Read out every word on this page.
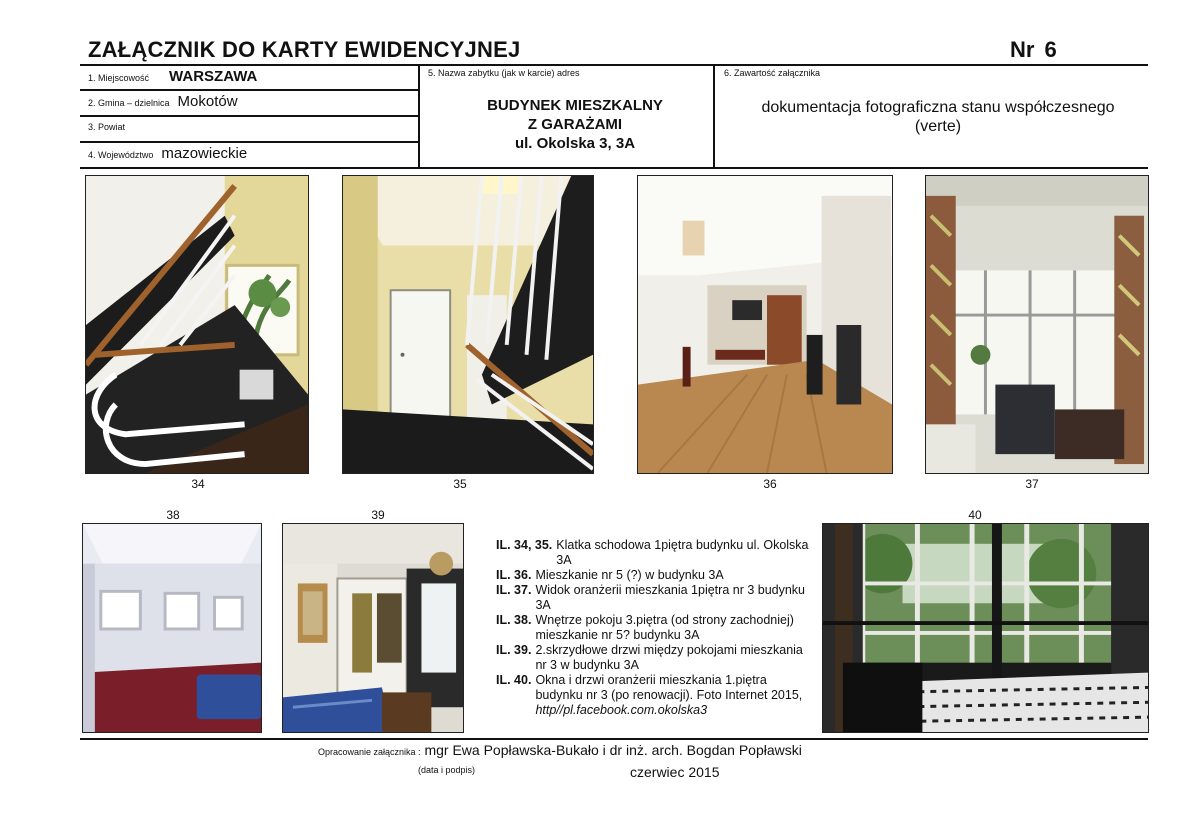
ZAŁĄCZNIK DO KARTY EWIDENCYJNEJ	Nr 6
1. Miejscowość WARSZAWA
2. Gmina – dzielnica Mokotów
3. Powiat
4. Województwo mazowieckie
5. Nazwa zabytku (jak w karcie) adres
BUDYNEK MIESZKALNY
Z GARAŻAMI
ul. Okolska 3, 3A
6. Zawartość załącznika
dokumentacja fotograficzna stanu współczesnego
(verte)
34	35	36	37
38	39
IL. 34, 35. Klatka schodowa 1piętra budynku ul. Okolska 3A
IL. 36. Mieszkanie nr 5 (?) w budynku 3A
IL. 37. Widok oranżerii mieszkania 1piętra nr 3 budynku 3A
IL. 38. Wnętrze pokoju 3.piętra (od strony zachodniej) mieszkanie nr 5? budynku 3A
IL. 39. 2.skrzydłowe drzwi między pokojami mieszkania nr 3 w budynku 3A
IL. 40. Okna i drzwi oranżerii mieszkania 1.piętra budynku nr 3 (po renowacji). Foto Internet 2015, http//pl.facebook.com.okolska3
40
Opracowanie załącznika : mgr Ewa Popławska-Bukało i dr inż. arch. Bogdan Popławski
(data i podpis)	czerwiec 2015
